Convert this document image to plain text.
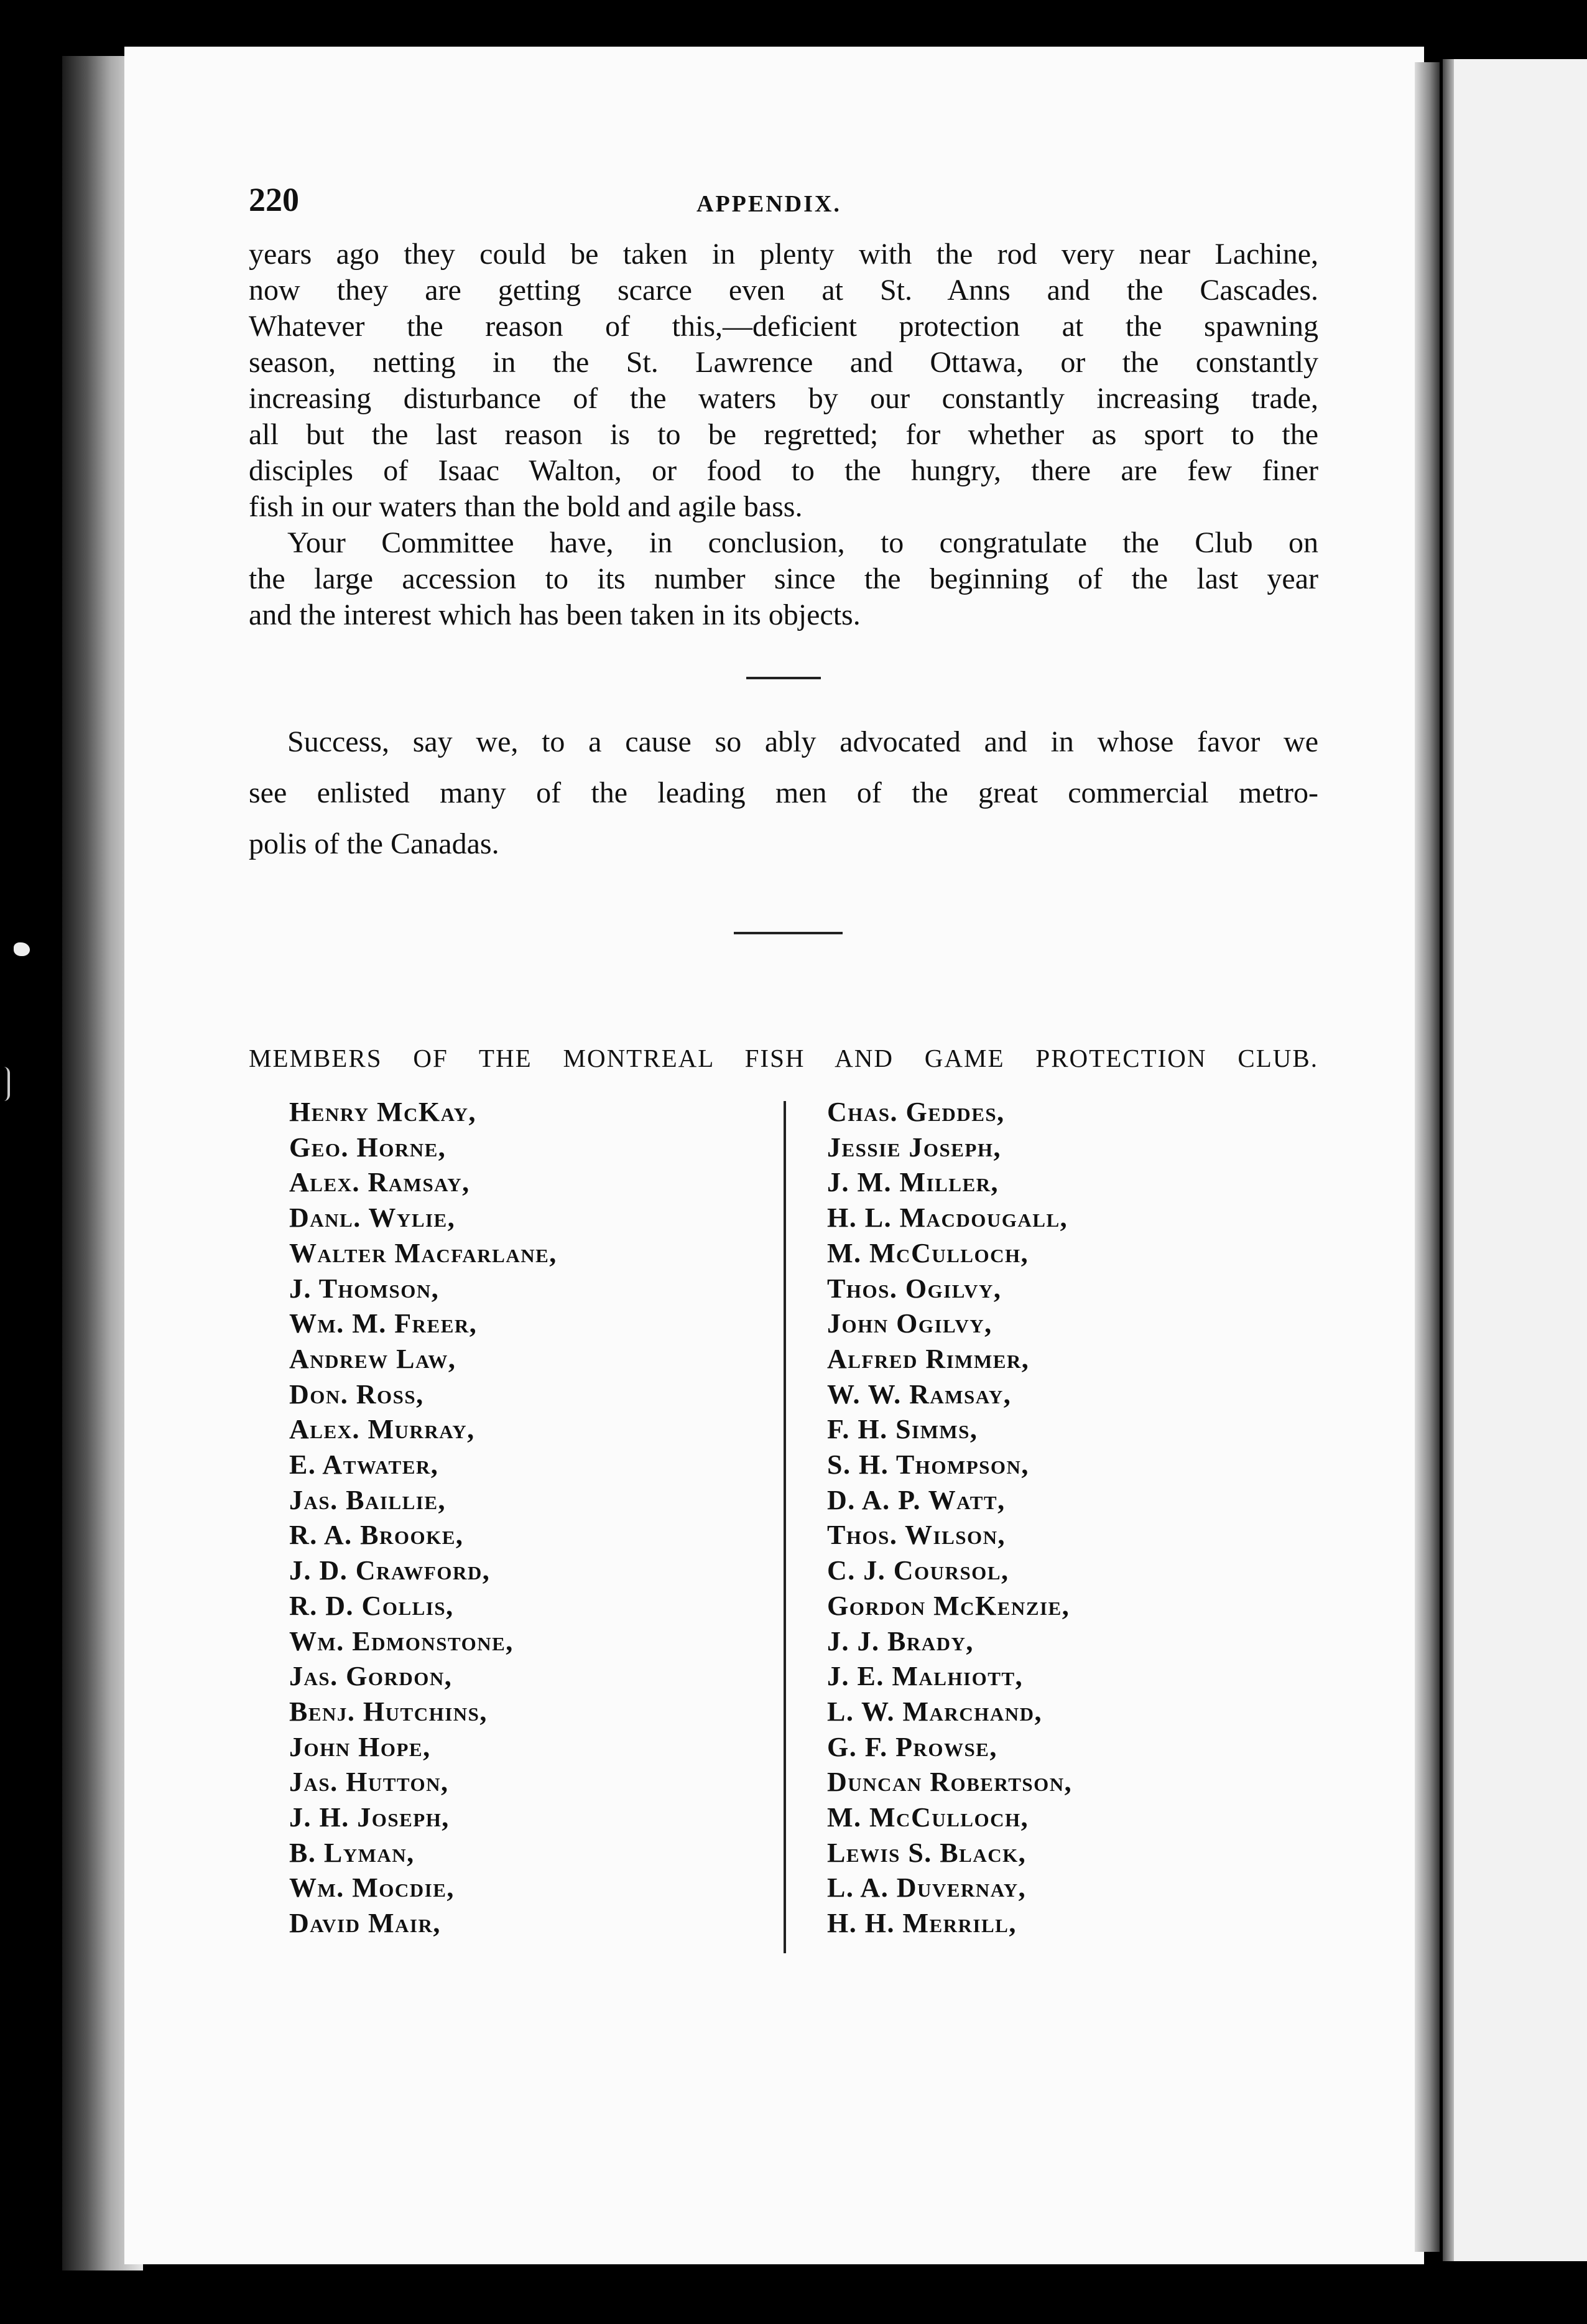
220	APPENDIX.
years ago they could be taken in plenty with the rod very near Lachine,
now they are getting scarce even at St. Anns and the Cascades.
Whatever the reason of this,—deficient protection at the spawning
season, netting in the St. Lawrence and Ottawa, or the constantly
increasing disturbance of the waters by our constantly increasing trade,
all but the last reason is to be regretted; for whether as sport to the
disciples of Isaac Walton, or food to the hungry, there are few finer
fish in our waters than the bold and agile bass.
Your Committee have, in conclusion, to congratulate the Club on
the large accession to its number since the beginning of the last year
and the interest which has been taken in its objects.
Success, say we, to a cause so ably advocated and in whose favor we
see enlisted many of the leading men of the great commercial metro-
polis of the Canadas.
MEMBERS OF THE MONTREAL FISH AND GAME PROTECTION CLUB.
Henry McKay,
Geo. Horne,
Alex. Ramsay,
Danl. Wylie,
Walter Macfarlane,
J. Thomson,
Wm. M. Freer,
Andrew Law,
Don. Ross,
Alex. Murray,
E. Atwater,
Jas. Baillie,
R. A. Brooke,
J. D. Crawford,
R. D. Collis,
Wm. Edmonstone,
Jas. Gordon,
Benj. Hutchins,
John Hope,
Jas. Hutton,
J. H. Joseph,
B. Lyman,
Wm. Mocdie,
David Mair,
Chas. Geddes,
Jessie Joseph,
J. M. Miller,
H. L. Macdougall,
M. McCulloch,
Thos. Ogilvy,
John Ogilvy,
Alfred Rimmer,
W. W. Ramsay,
F. H. Simms,
S. H. Thompson,
D. A. P. Watt,
Thos. Wilson,
C. J. Coursol,
Gordon McKenzie,
J. J. Brady,
J. E. Malhiott,
L. W. Marchand,
G. F. Prowse,
Duncan Robertson,
M. McCulloch,
Lewis S. Black,
L. A. Duvernay,
H. H. Merrill,
